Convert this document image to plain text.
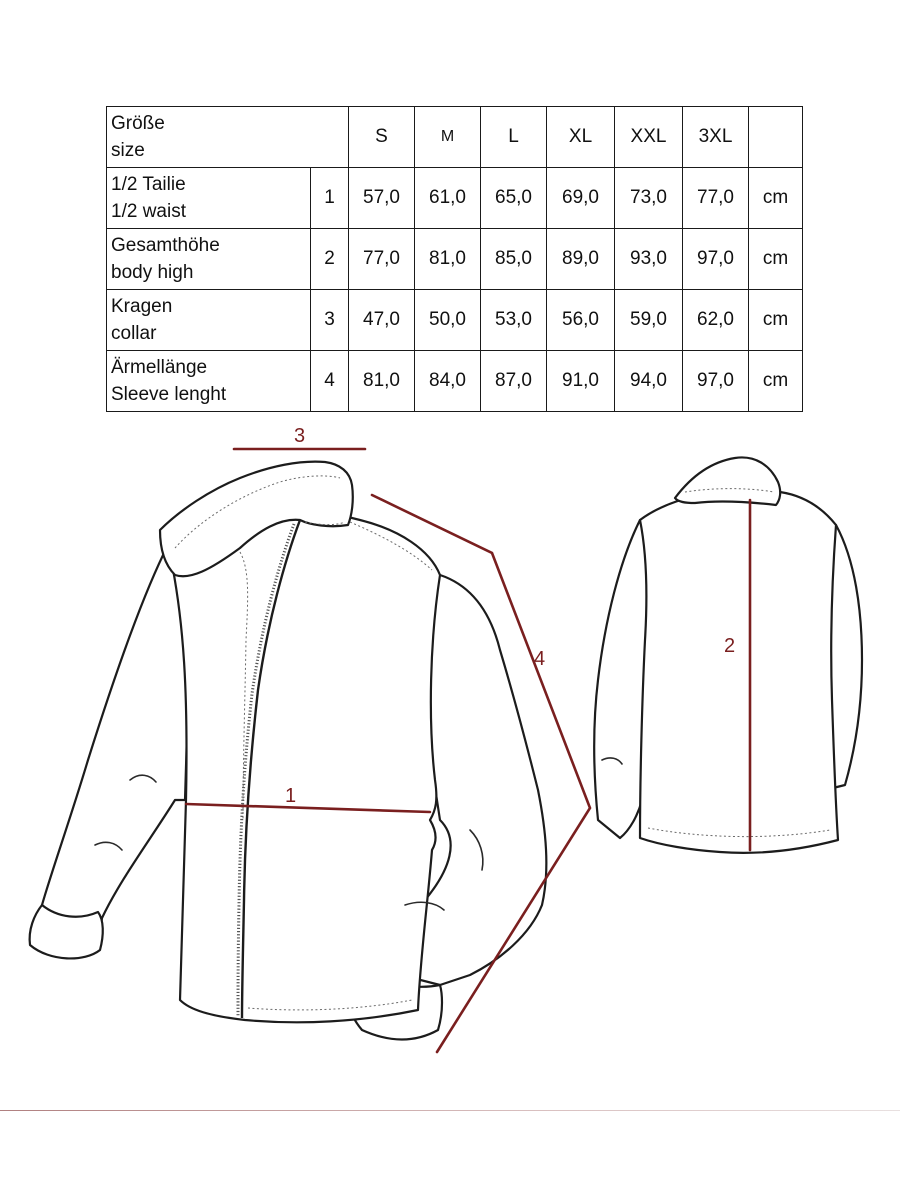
Größe
size		S	M	L	XL	XXL	3XL	

1/2 Tailie
1/2 waist	1	57,0	61,0	65,0	69,0	73,0	77,0	cm

Gesamthöhe
body high	2	77,0	81,0	85,0	89,0	93,0	97,0	cm

Kragen
collar	3	47,0	50,0	53,0	56,0	59,0	62,0	cm

Ärmellänge
Sleeve lenght	4	81,0	84,0	87,0	91,0	94,0	97,0	cm
1
3
4
2
